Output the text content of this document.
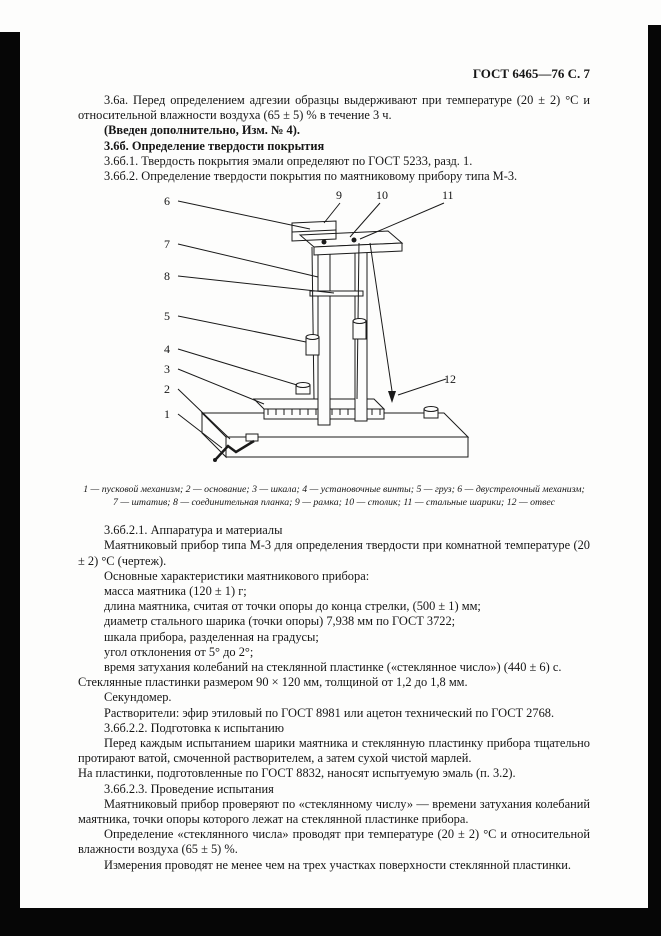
ГОСТ 6465—76 С. 7

3.6а. Перед определением адгезии образцы выдерживают при температуре (20 ± 2) °С и относительной влажности воздуха (65 ± 5) % в течение 3 ч.

(Введен дополнительно, Изм. № 4).

3.6б. Определение твердости покрытия

3.6б.1. Твердость покрытия эмали определяют по ГОСТ 5233, разд. 1.

3.6б.2. Определение твердости покрытия по маятниковому прибору типа М-3.

6
7
8
5
4
3
2
1
9	10	11
12
1 — пусковой механизм; 2 — основание; 3 — шкала; 4 — установочные винты; 5 — груз; 6 — двустрелочный механизм;
7 — штатив; 8 — соединительная планка; 9 — рамка; 10 — столик; 11 — стальные шарики; 12 — отвес

3.6б.2.1. Аппаратура и материалы

Маятниковый прибор типа М-3 для определения твердости при комнатной температуре (20 ± 2) °С (чертеж).

Основные характеристики маятникового прибора:

масса маятника (120 ± 1) г;

длина маятника, считая от точки опоры до конца стрелки, (500 ± 1) мм;

диаметр стального шарика (точки опоры) 7,938 мм по ГОСТ 3722;

шкала прибора, разделенная на градусы;

угол отклонения от 5° до 2°;

время затухания колебаний на стеклянной пластинке («стеклянное число») (440 ± 6) с.

Стеклянные пластинки размером 90 × 120 мм, толщиной от 1,2 до 1,8 мм.

Секундомер.

Растворители: эфир этиловый по ГОСТ 8981 или ацетон технический по ГОСТ 2768.

3.6б.2.2. Подготовка к испытанию

Перед каждым испытанием шарики маятника и стеклянную пластинку прибора тщательно протирают ватой, смоченной растворителем, а затем сухой чистой марлей.

На пластинки, подготовленные по ГОСТ 8832, наносят испытуемую эмаль (п. 3.2).

3.6б.2.3. Проведение испытания

Маятниковый прибор проверяют по «стеклянному числу» — времени затухания колебаний маятника, точки опоры которого лежат на стеклянной пластинке прибора.

Определение «стеклянного числа» проводят при температуре (20 ± 2) °С и относительной влажности воздуха (65 ± 5) %.

Измерения проводят не менее чем на трех участках поверхности стеклянной пластинки.
